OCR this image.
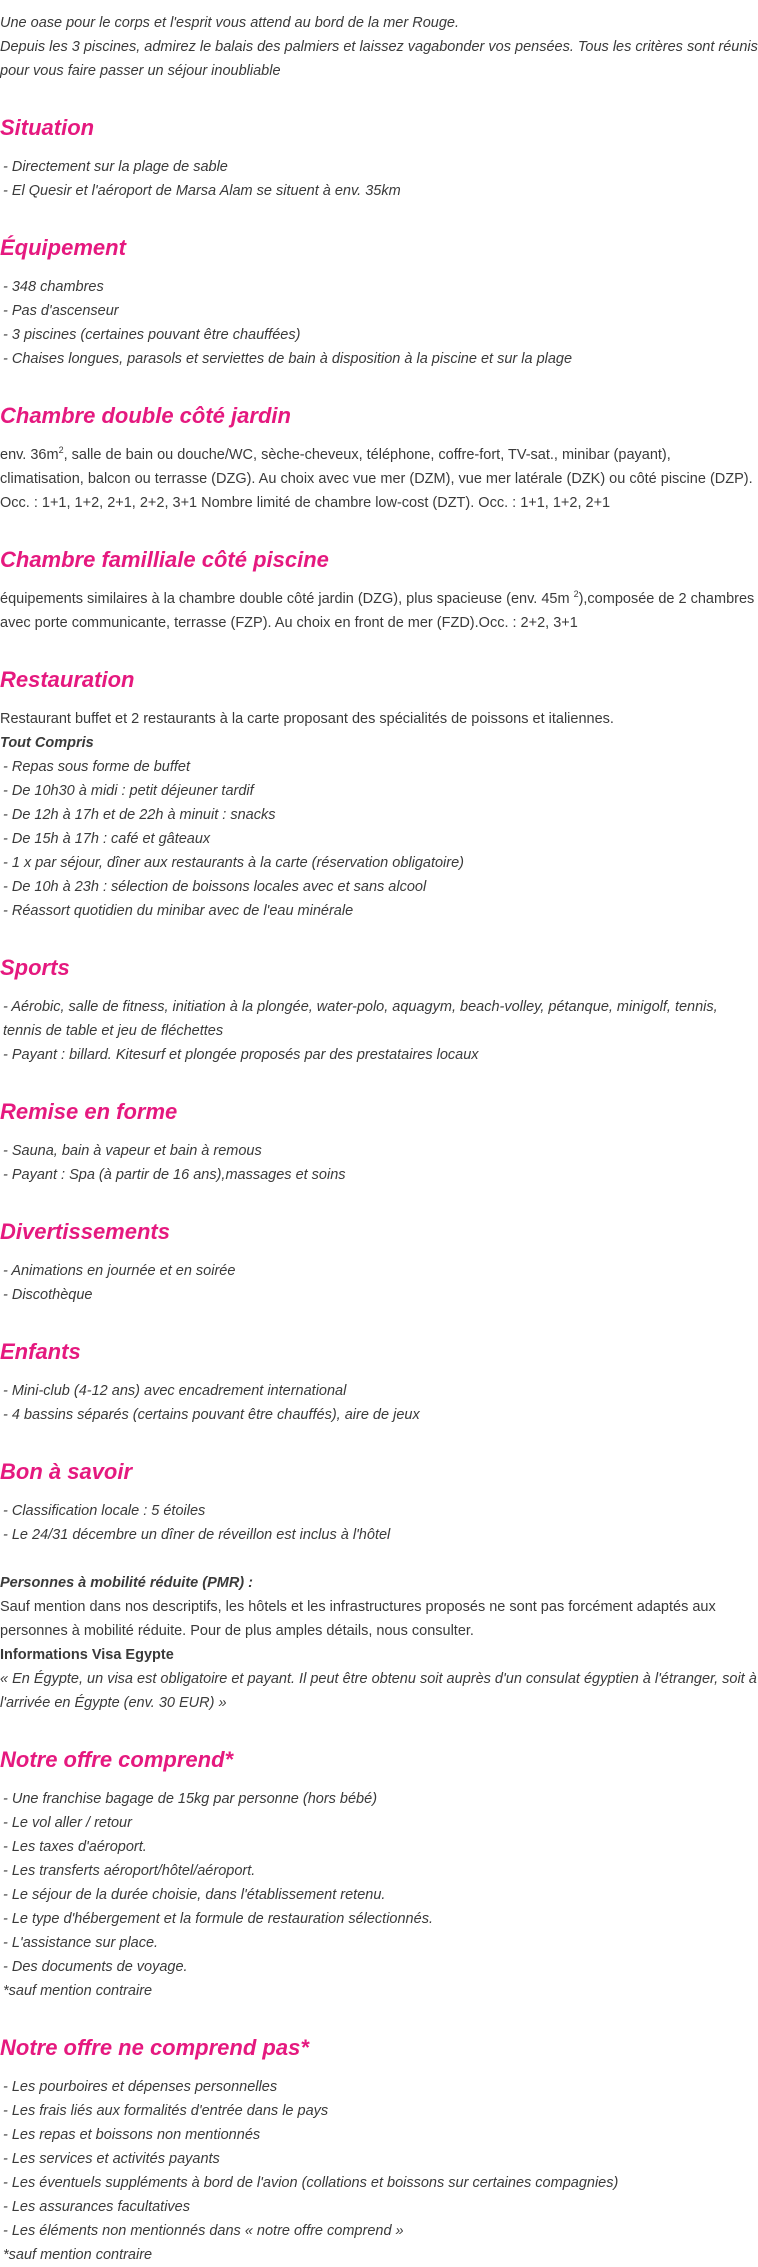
Une oase pour le corps et l'esprit vous attend au bord de la mer Rouge.

Depuis les 3 piscines, admirez le balais des palmiers et laissez vagabonder vos pensées. Tous les critères sont réunis pour vous faire passer un séjour inoubliable

Situation

- Directement sur la plage de sable

- El Quesir et l'aéroport de Marsa Alam se situent à env. 35km

Équipement

- 348 chambres

- Pas d'ascenseur

- 3 piscines (certaines pouvant être chauffées)

- Chaises longues, parasols et serviettes de bain à disposition à la piscine et sur la plage

Chambre double côté jardin

env. $36m^2$, salle de bain ou douche/WC, sèche-cheveux, téléphone, coffre-fort, TV-sat., minibar (payant), climatisation, balcon ou terrasse (DZG). Au choix avec vue mer (DZM), vue mer latérale (DZK) ou côté piscine (DZP). Occ. : 1+1, 1+2, 2+1, 2+2, 3+1 Nombre limité de chambre low-cost (DZT). Occ. : 1+1, 1+2, 2+1

Chambre familliale côté piscine

équipements similaires à la chambre double côté jardin (DZG), plus spacieuse (env. 45m $^2$),composée de 2 chambres avec porte communicante, terrasse (FZP). Au choix en front de mer (FZD).Occ. : 2+2, 3+1

Restauration

Restaurant buffet et 2 restaurants à la carte proposant des spécialités de poissons et italiennes.

Tout Compris

- Repas sous forme de buffet

- De 10h30 à midi : petit déjeuner tardif

- De 12h à 17h et de 22h à minuit : snacks

- De 15h à 17h : café et gâteaux

- 1 x par séjour, dîner aux restaurants à la carte (réservation obligatoire)

- De 10h à 23h : sélection de boissons locales avec et sans alcool

- Réassort quotidien du minibar avec de l'eau minérale

Sports

- Aérobic, salle de fitness, initiation à la plongée, water-polo, aquagym, beach-volley, pétanque, minigolf, tennis, tennis de table et jeu de fléchettes

- Payant : billard. Kitesurf et plongée proposés par des prestataires locaux

Remise en forme

- Sauna, bain à vapeur et bain à remous

- Payant : Spa (à partir de 16 ans),massages et soins

Divertissements

- Animations en journée et en soirée

- Discothèque

Enfants

- Mini-club (4-12 ans) avec encadrement international

- 4 bassins séparés (certains pouvant être chauffés), aire de jeux

Bon à savoir

- Classification locale : 5 étoiles

- Le 24/31 décembre un dîner de réveillon est inclus à l'hôtel

Personnes à mobilité réduite (PMR) :

Sauf mention dans nos descriptifs, les hôtels et les infrastructures proposés ne sont pas forcément adaptés aux personnes à mobilité réduite. Pour de plus amples détails, nous consulter.

Informations Visa Egypte

« En Égypte, un visa est obligatoire et payant. Il peut être obtenu soit auprès d'un consulat égyptien à l'étranger, soit à l'arrivée en Égypte (env. 30 EUR) »

Notre offre comprend*

- Une franchise bagage de 15kg par personne (hors bébé)

- Le vol aller / retour

- Les taxes d'aéroport.

- Les transferts aéroport/hôtel/aéroport.

- Le séjour de la durée choisie, dans l'établissement retenu.

- Le type d'hébergement et la formule de restauration sélectionnés.

- L'assistance sur place.

- Des documents de voyage.

*sauf mention contraire

Notre offre ne comprend pas*

- Les pourboires et dépenses personnelles

- Les frais liés aux formalités d'entrée dans le pays

- Les repas et boissons non mentionnés

- Les services et activités payants

- Les éventuels suppléments à bord de l'avion (collations et boissons sur certaines compagnies)

- Les assurances facultatives

- Les éléments non mentionnés dans « notre offre comprend »

*sauf mention contraire
